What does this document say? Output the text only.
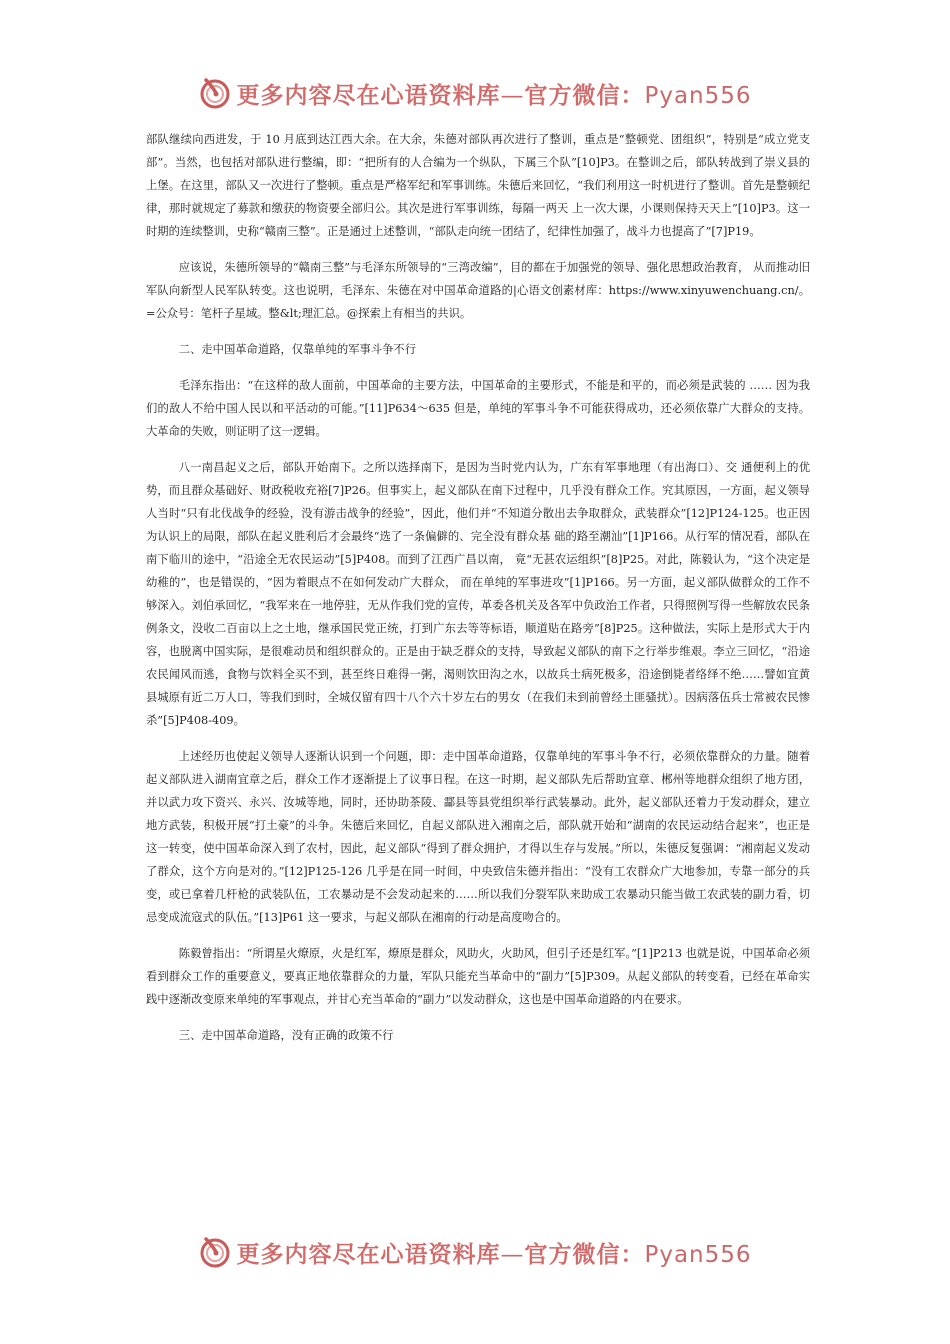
更多内容尽在心语资料库—官方微信：Pyan556

部队继续向西进发，于 10 月底到达江西大余。在大余，朱德对部队再次进行了整训，重点是“整顿党、团组织”，特别是“成立党支部”。当然，也包括对部队进行整编，即：“把所有的人合编为一个纵队，下属三个队”[10]P3。在整训之后，部队转战到了崇义县的上堡。在这里，部队又一次进行了整顿。重点是严格军纪和军事训练。朱德后来回忆，“我们利用这一时机进行了整训。首先是整顿纪律，那时就规定了募款和缴获的物资要全部归公。其次是进行军事训练，每隔一两天 上一次大课，小课则保持天天上”[10]P3。这一时期的连续整训，史称“赣南三整”。正是通过上述整训，“部队走向统一团结了，纪律性加强了，战斗力也提高了”[7]P19。

应该说，朱德所领导的“赣南三整”与毛泽东所领导的“三湾改编”，目的都在于加强党的领导、强化思想政治教育， 从而推动旧军队向新型人民军队转变。这也说明，毛泽东、朱德在对中国革命道路的|心语文创素材库：https://www.xinyuwenchuang.cn/。=公众号：笔杆子星域。整&lt;理汇总。@探索上有相当的共识。

二、走中国革命道路，仅靠单纯的军事斗争不行

毛泽东指出：“在这样的敌人面前，中国革命的主要方法，中国革命的主要形式，不能是和平的，而必须是武装的 …… 因为我们的敌人不给中国人民以和平活动的可能。”[11]P634～635 但是，单纯的军事斗争不可能获得成功，还必须依靠广大群众的支持。大革命的失败，则证明了这一逻辑。

八一南昌起义之后，部队开始南下。之所以选择南下，是因为当时党内认为，广东有军事地理（有出海口）、交 通便利上的优势，而且群众基础好、财政税收充裕[7]P26。但事实上，起义部队在南下过程中，几乎没有群众工作。究其原因，一方面，起义领导人当时“只有北伐战争的经验，没有游击战争的经验”，因此，他们并“不知道分散出去争取群众，武装群众”[12]P124-125。也正因为认识上的局限，部队在起义胜利后才会最终“选了一条偏僻的、完全没有群众基 础的路至潮汕”[1]P166。从行军的情况看，部队在南下临川的途中，“沿途全无农民运动”[5]P408。而到了江西广昌以南， 竟“无甚农运组织”[8]P25。对此，陈毅认为，“这个决定是幼稚的”，也是错误的，“因为着眼点不在如何发动广大群众， 而在单纯的军事进攻”[1]P166。另一方面，起义部队做群众的工作不够深入。刘伯承回忆，“我军来在一地停驻，无从作我们党的宣传，革委各机关及各军中负政治工作者，只得照例写得一些解放农民条例条文，没收二百亩以上之土地，继承国民党正统，打到广东去等等标语，顺道贴在路旁”[8]P25。这种做法，实际上是形式大于内容，也脱离中国实际，是很难动员和组织群众的。正是由于缺乏群众的支持，导致起义部队的南下之行举步维艰。李立三回忆，“沿途农民闻风而逃，食物与饮料全买不到，甚至终日难得一粥，渴则饮田沟之水，以故兵士病死极多，沿途倒毙者络绎不绝……譬如宜黄县城原有近二万人口，等我们到时，全城仅留有四十八个六十岁左右的男女（在我们未到前曾经土匪骚扰）。因病落伍兵士常被农民惨杀”[5]P408-409。

上述经历也使起义领导人逐渐认识到一个问题，即：走中国革命道路，仅靠单纯的军事斗争不行，必须依靠群众的力量。随着起义部队进入湖南宜章之后，群众工作才逐渐提上了议事日程。在这一时期，起义部队先后帮助宜章、郴州等地群众组织了地方团，并以武力攻下资兴、永兴、汝城等地，同时，还协助茶陵、酃县等县党组织举行武装暴动。此外，起义部队还着力于发动群众，建立地方武装，积极开展“打土豪”的斗争。朱德后来回忆，自起义部队进入湘南之后，部队就开始和“湖南的农民运动结合起来”，也正是这一转变，使中国革命深入到了农村，因此，起义部队“得到了群众拥护，才得以生存与发展。”所以，朱德反复强调：“湘南起义发动了群众，这个方向是对的。”[12]P125-126 几乎是在同一时间，中央致信朱德并指出：“没有工农群众广大地参加，专靠一部分的兵变，或已拿着几杆枪的武装队伍，工农暴动是不会发动起来的……所以我们分裂军队来助成工农暴动只能当做工农武装的副力看，切忌变成流寇式的队伍。”[13]P61 这一要求，与起义部队在湘南的行动是高度吻合的。

陈毅曾指出：“所谓星火燎原，火是红军，燎原是群众，风助火，火助风，但引子还是红军。”[1]P213 也就是说，中国革命必须看到群众工作的重要意义，要真正地依靠群众的力量，军队只能充当革命中的“副力”[5]P309。从起义部队的转变看，已经在革命实践中逐渐改变原来单纯的军事观点，并甘心充当革命的“副力”以发动群众，这也是中国革命道路的内在要求。

三、走中国革命道路，没有正确的政策不行

更多内容尽在心语资料库—官方微信：Pyan556
